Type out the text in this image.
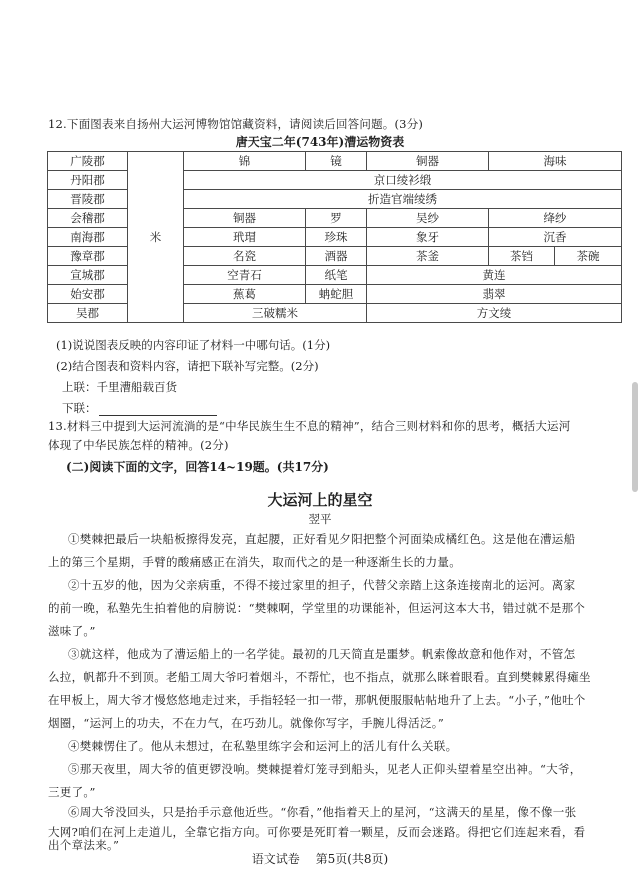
12.下面图表来自扬州大运河博物馆馆藏资料，请阅读后回答问题。(3分)
唐天宝二年(743年)漕运物资表
广陵郡	米	锦	镜	铜器	海味	
丹阳郡		京口绫衫缎				
晋陵郡		折造官端绫绣				
会稽郡		铜器	罗	吴纱	绛纱	
南海郡		玳瑁	珍珠	象牙	沉香	
豫章郡		名瓷	酒器	茶釜	茶铛	茶碗
宣城郡		空青石	纸笔	黄连		
始安郡		蕉葛	蚺蛇胆	翡翠		
吴郡		三破糯米		方文绫		
(1)说说图表反映的内容印证了材料一中哪句话。(1分)
(2)结合图表和资料内容，请把下联补写完整。(2分)
上联：千里漕船载百货
下联：
13.材料三中提到大运河流淌的是“中华民族生生不息的精神”，结合三则材料和你的思考，概括大运河
体现了中华民族怎样的精神。(2分)
(二)阅读下面的文字，回答14~19题。(共17分)
大运河上的星空
翌平
①樊棘把最后一块船板擦得发亮，直起腰，正好看见夕阳把整个河面染成橘红色。这是他在漕运船
上的第三个星期，手臂的酸痛感正在消失，取而代之的是一种逐渐生长的力量。
②十五岁的他，因为父亲病重，不得不接过家里的担子，代替父亲踏上这条连接南北的运河。离家
的前一晚，私塾先生拍着他的肩膀说：“樊棘啊，学堂里的功课能补，但运河这本大书，错过就不是那个
滋味了。”
③就这样，他成为了漕运船上的一名学徒。最初的几天简直是噩梦。帆索像故意和他作对，不管怎
么拉，帆都升不到顶。老船工周大爷叼着烟斗，不帮忙，也不指点，就那么眯着眼看。直到樊棘累得瘫坐
在甲板上，周大爷才慢悠悠地走过来，手指轻轻一扣一带，那帆便服服帖帖地升了上去。“小子，”他吐个
烟圈，“运河上的功夫，不在力气，在巧劲儿。就像你写字，手腕儿得活泛。”
④樊棘愣住了。他从未想过，在私塾里练字会和运河上的活儿有什么关联。
⑤那天夜里，周大爷的值更锣没响。樊棘提着灯笼寻到船头，见老人正仰头望着星空出神。“大爷，
三更了。”
⑥周大爷没回头，只是抬手示意他近些。“你看，”他指着天上的星河，“这满天的星星，像不像一张
大网?咱们在河上走道儿，全靠它指方向。可你要是死盯着一颗星，反而会迷路。得把它们连起来看，看
出个章法来。”
语文试卷 第5页(共8页)
